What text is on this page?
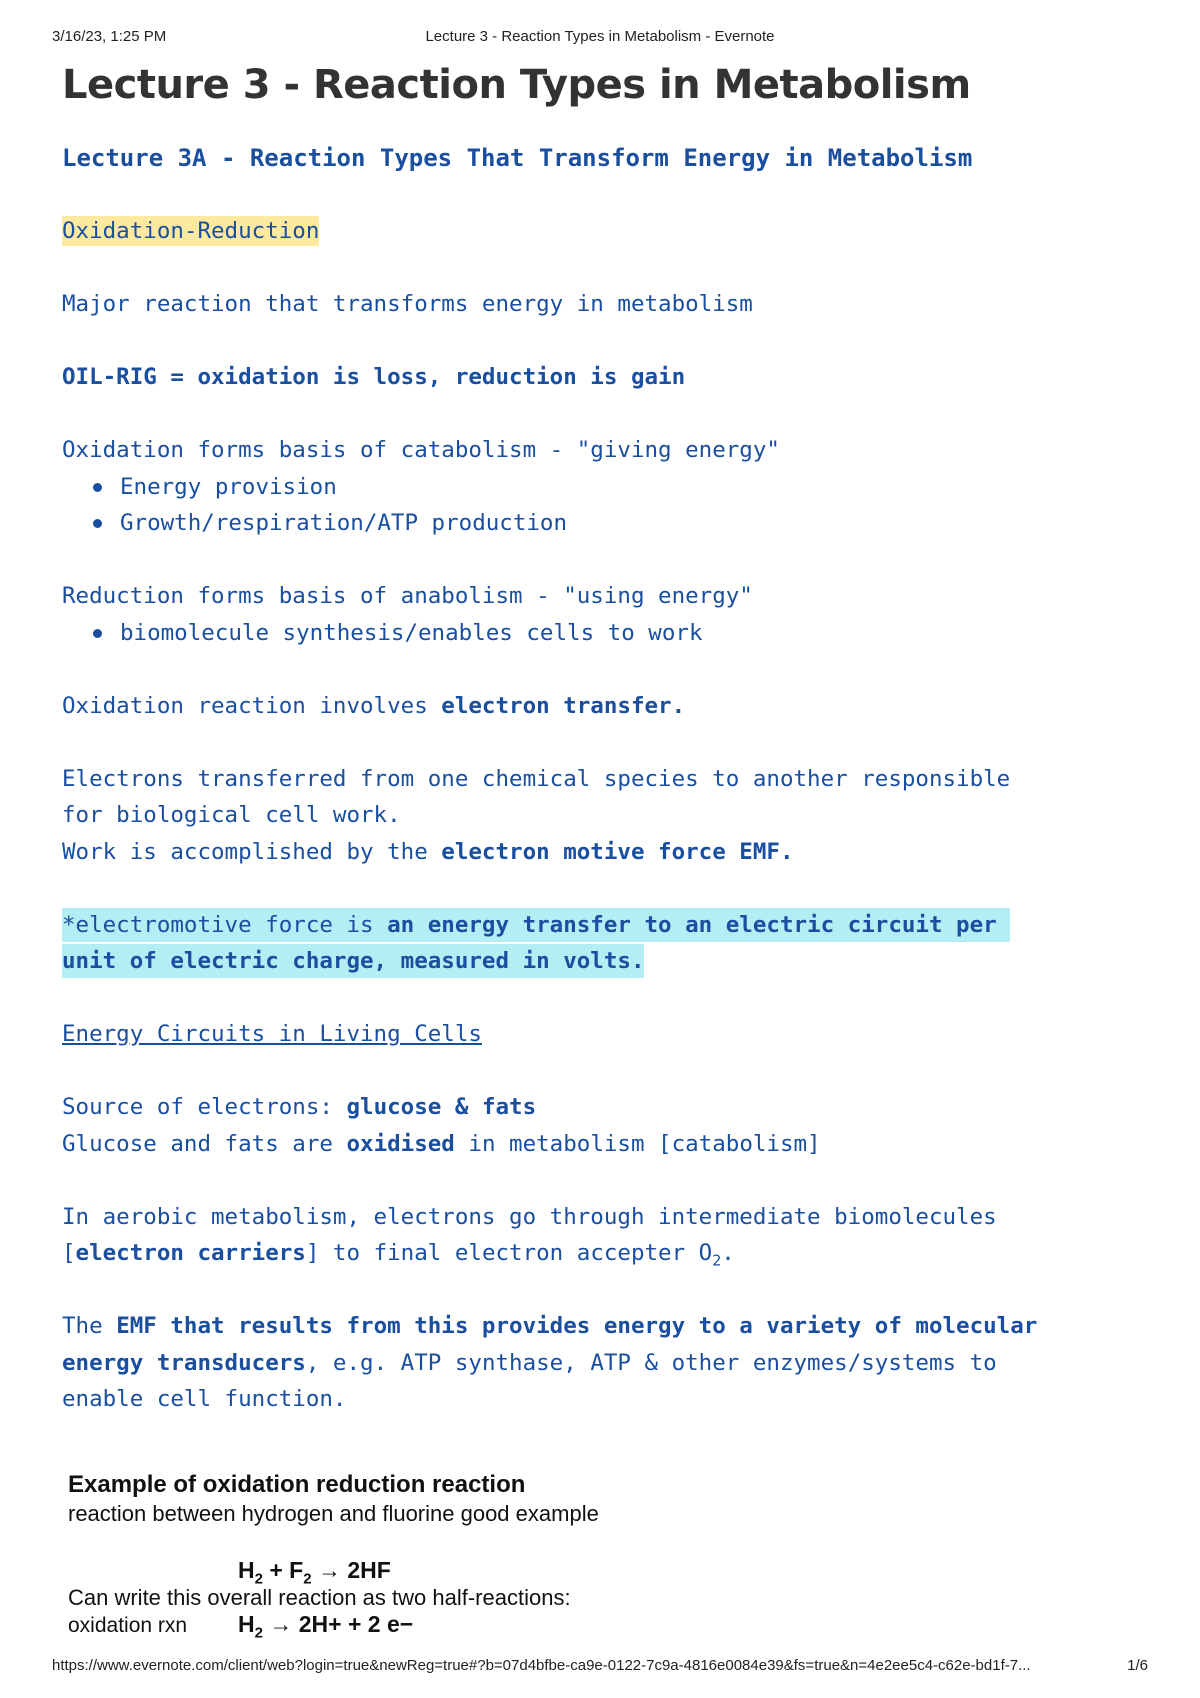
3/16/23, 1:25 PM	Lecture 3 - Reaction Types in Metabolism - Evernote
Lecture 3 - Reaction Types in Metabolism

Lecture 3A - Reaction Types That Transform Energy in Metabolism

Oxidation-Reduction

Major reaction that transforms energy in metabolism

OIL-RIG = oxidation is loss, reduction is gain

Oxidation forms basis of catabolism - "giving energy"

Energy provision
Growth/respiration/ATP production

Reduction forms basis of anabolism - "using energy"

biomolecule synthesis/enables cells to work

Oxidation reaction involves electron transfer.

Electrons transferred from one chemical species to another responsible

for biological cell work.

Work is accomplished by the electron motive force EMF.

*electromotive force is an energy transfer to an electric circuit per

unit of electric charge, measured in volts.

Energy Circuits in Living Cells

Source of electrons: glucose & fats

Glucose and fats are oxidised in metabolism [catabolism]

In aerobic metabolism, electrons go through intermediate biomolecules

[electron carriers] to final electron accepter $O_2$.

The EMF that results from this provides energy to a variety of molecular

energy transducers, e.g. ATP synthase, ATP & other enzymes/systems to

enable cell function.

Example of oxidation reduction reaction

reaction between hydrogen and fluorine good example

$H_2 + F_2 \to 2HF$

Can write this overall reaction as two half-reactions:

oxidation rxn $H_2 \to 2H+ + 2$ e−

https://www.evernote.com/client/web?login=true&newReg=true#?b=07d4bfbe-ca9e-0122-7c9a-4816e0084e39&fs=true&n=4e2ee5c4-c62e-bd1f-7...	1/6
